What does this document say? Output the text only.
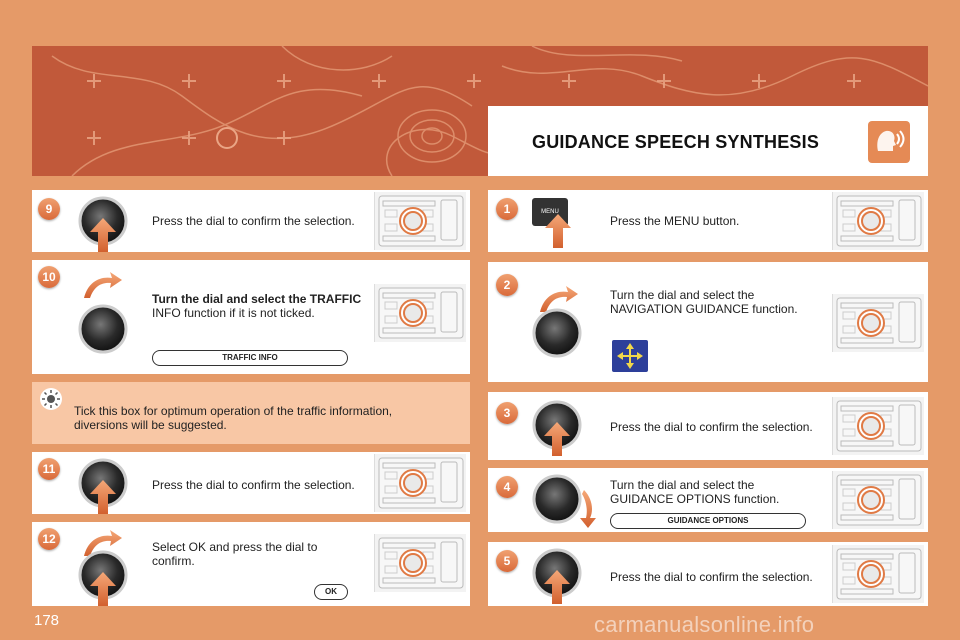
GUIDANCE SPEECH SYNTHESIS
9
Press the dial to confirm the selection.
10
Turn the dial and select the TRAFFIC
INFO function if it is not ticked.
TRAFFIC INFO
Tick this box for optimum operation of the traffic information,
diversions will be suggested.
11
Press the dial to confirm the selection.
12
Select OK and press the dial to
confirm.
OK
1	MENU
Press the MENU button.
2
Turn the dial and select the
NAVIGATION GUIDANCE function.
3
Press the dial to confirm the selection.
4	Turn the dial and select the
GUIDANCE OPTIONS function.
GUIDANCE OPTIONS
5
Press the dial to confirm the selection.
178	carmanualsonline.info
